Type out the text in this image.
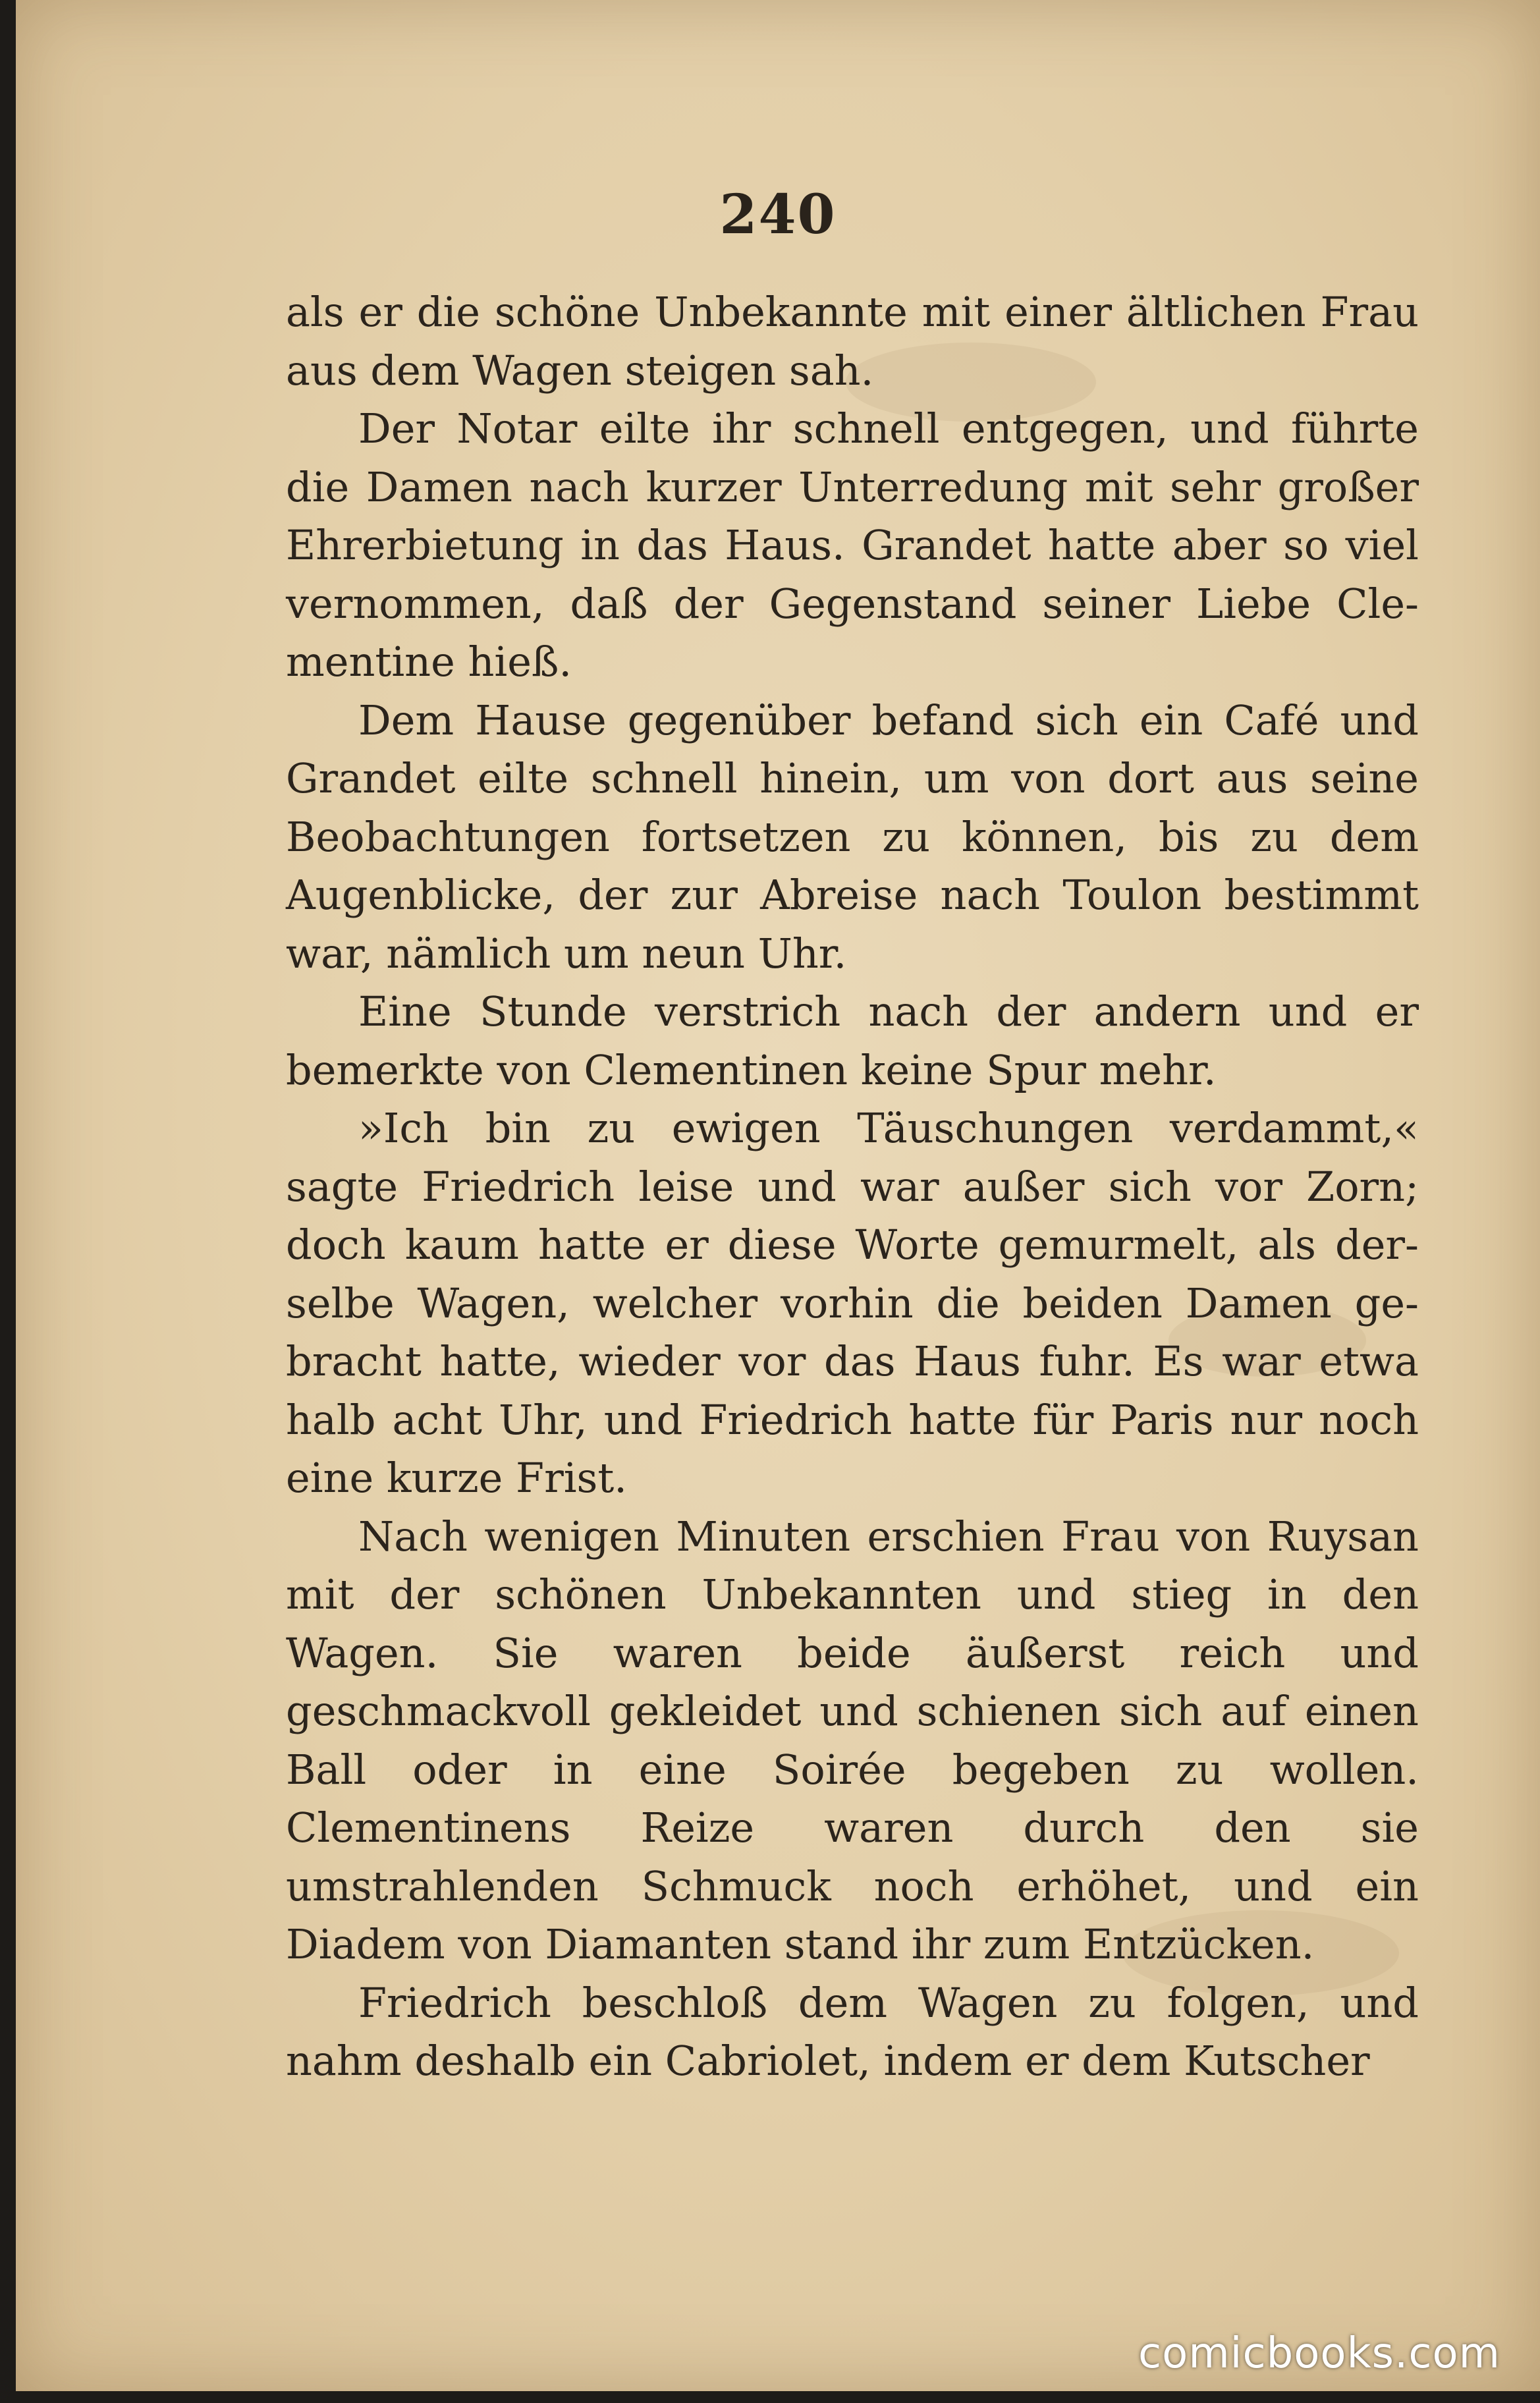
240

als er die schöne Unbekannte mit einer ältlichen Frau aus dem Wagen steigen sah.

Der Notar eilte ihr schnell entgegen, und führte die Damen nach kurzer Unterredung mit sehr großer Ehrerbietung in das Haus. Grandet hatte aber so viel vernommen, daß der Gegenstand seiner Liebe Clementine hieß.

Dem Hause gegenüber befand sich ein Café und Grandet eilte schnell hinein, um von dort aus seine Beobachtungen fortsetzen zu können, bis zu dem Augenblicke, der zur Abreise nach Toulon bestimmt war, nämlich um neun Uhr.

Eine Stunde verstrich nach der andern und er bemerkte von Clementinen keine Spur mehr.

»Ich bin zu ewigen Täuschungen verdammt,« sagte Friedrich leise und war außer sich vor Zorn; doch kaum hatte er diese Worte gemurmelt, als derselbe Wagen, welcher vorhin die beiden Damen gebracht hatte, wieder vor das Haus fuhr. Es war etwa halb acht Uhr, und Friedrich hatte für Paris nur noch eine kurze Frist.

Nach wenigen Minuten erschien Frau von Ruysan mit der schönen Unbekannten und stieg in den Wagen. Sie waren beide äußerst reich und geschmackvoll gekleidet und schienen sich auf einen Ball oder in eine Soirée begeben zu wollen. Clementinens Reize waren durch den sie umstrahlenden Schmuck noch erhöhet, und ein Diadem von Diamanten stand ihr zum Entzücken.

Friedrich beschloß dem Wagen zu folgen, und nahm deshalb ein Cabriolet, indem er dem Kutscher

comicbooks.com
